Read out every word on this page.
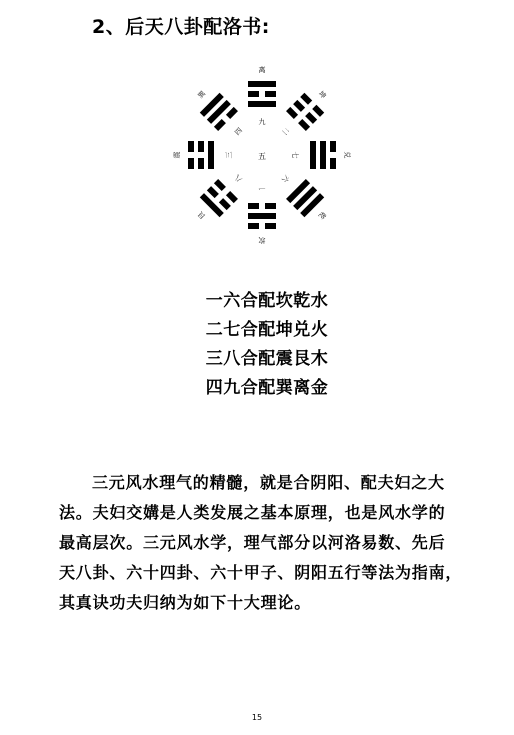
2、后天八卦配洛书:
五
离
九
坤
二
兑
七
乾
六
坎
一
艮
八
震	三
巽
四
一六合配坎乾水
二七合配坤兑火
三八合配震艮木
四九合配巽离金

三元风水理气的精髓，就是合阴阳、配夫妇之大
法。夫妇交媾是人类发展之基本原理，也是风水学的
最高层次。三元风水学，理气部分以河洛易数、先后
天八卦、六十四卦、六十甲子、阴阳五行等法为指南，
其真诀功夫归纳为如下十大理论。

15
